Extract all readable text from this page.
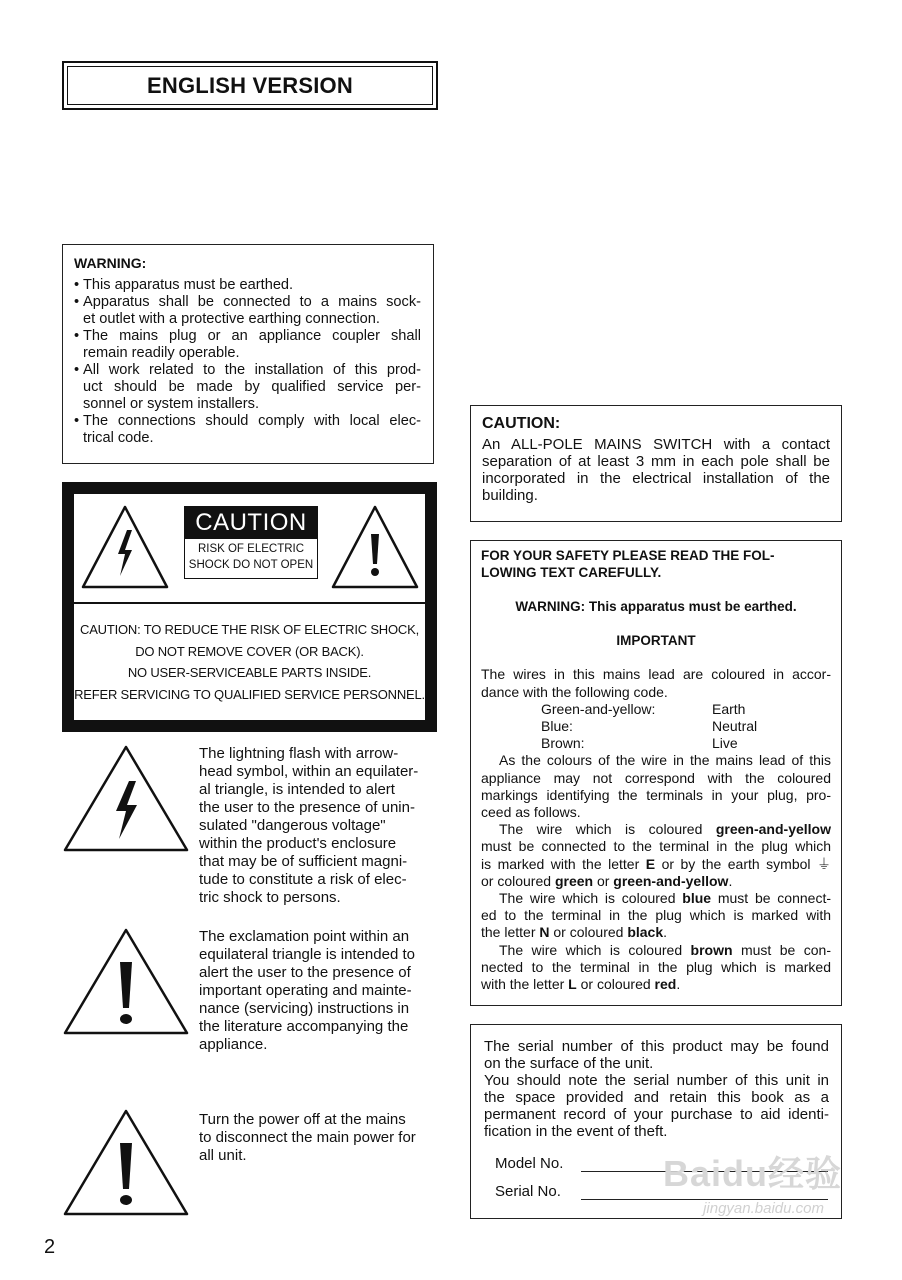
ENGLISH VERSION
WARNING:
• This apparatus must be earthed.
• Apparatus shall be connected to a mains sock-
et outlet with a protective earthing connection.
• The mains plug or an appliance coupler shall
remain readily operable.
• All work related to the installation of this prod-
uct should be made by qualified service per-
sonnel or system installers.
• The connections should comply with local elec-
trical code.
CAUTION
RISK OF ELECTRIC
SHOCK DO NOT OPEN
CAUTION: TO REDUCE THE RISK OF ELECTRIC SHOCK,
DO NOT REMOVE COVER (OR BACK).
NO USER-SERVICEABLE PARTS INSIDE.
REFER SERVICING TO QUALIFIED SERVICE PERSONNEL.
The lightning flash with arrow-
head symbol, within an equilater-
al triangle, is intended to alert
the user to the presence of unin-
sulated "dangerous voltage"
within the product's enclosure
that may be of sufficient magni-
tude to constitute a risk of elec-
tric shock to persons.
The exclamation point within an
equilateral triangle is intended to
alert the user to the presence of
important operating and mainte-
nance (servicing) instructions in
the literature accompanying the
appliance.
Turn the power off at the mains
to disconnect the main power for
all unit.
CAUTION:
An ALL-POLE MAINS SWITCH with a contact
separation of at least 3 mm in each pole shall be
incorporated in the electrical installation of the
building.
FOR YOUR SAFETY PLEASE READ THE FOL-
LOWING TEXT CAREFULLY.
WARNING: This apparatus must be earthed.
IMPORTANT
The wires in this mains lead are coloured in accor-
dance with the following code.
Green-and-yellow:	Earth
Blue:	Neutral
Brown:	Live
As the colours of the wire in the mains lead of this
appliance may not correspond with the coloured
markings identifying the terminals in your plug, pro-
ceed as follows.
The wire which is coloured green-and-yellow
must be connected to the terminal in the plug which
is marked with the letter E or by the earth symbol ⏚
or coloured green or green-and-yellow.
The wire which is coloured blue must be connect-
ed to the terminal in the plug which is marked with
the letter N or coloured black.
The wire which is coloured brown must be con-
nected to the terminal in the plug which is marked
with the letter L or coloured red.
The serial number of this product may be found
on the surface of the unit.
You should note the serial number of this unit in
the space provided and retain this book as a
permanent record of your purchase to aid identi-
fication in the event of theft.
Model No.
Serial No.	Baidu经验
jingyan.baidu.com
2
